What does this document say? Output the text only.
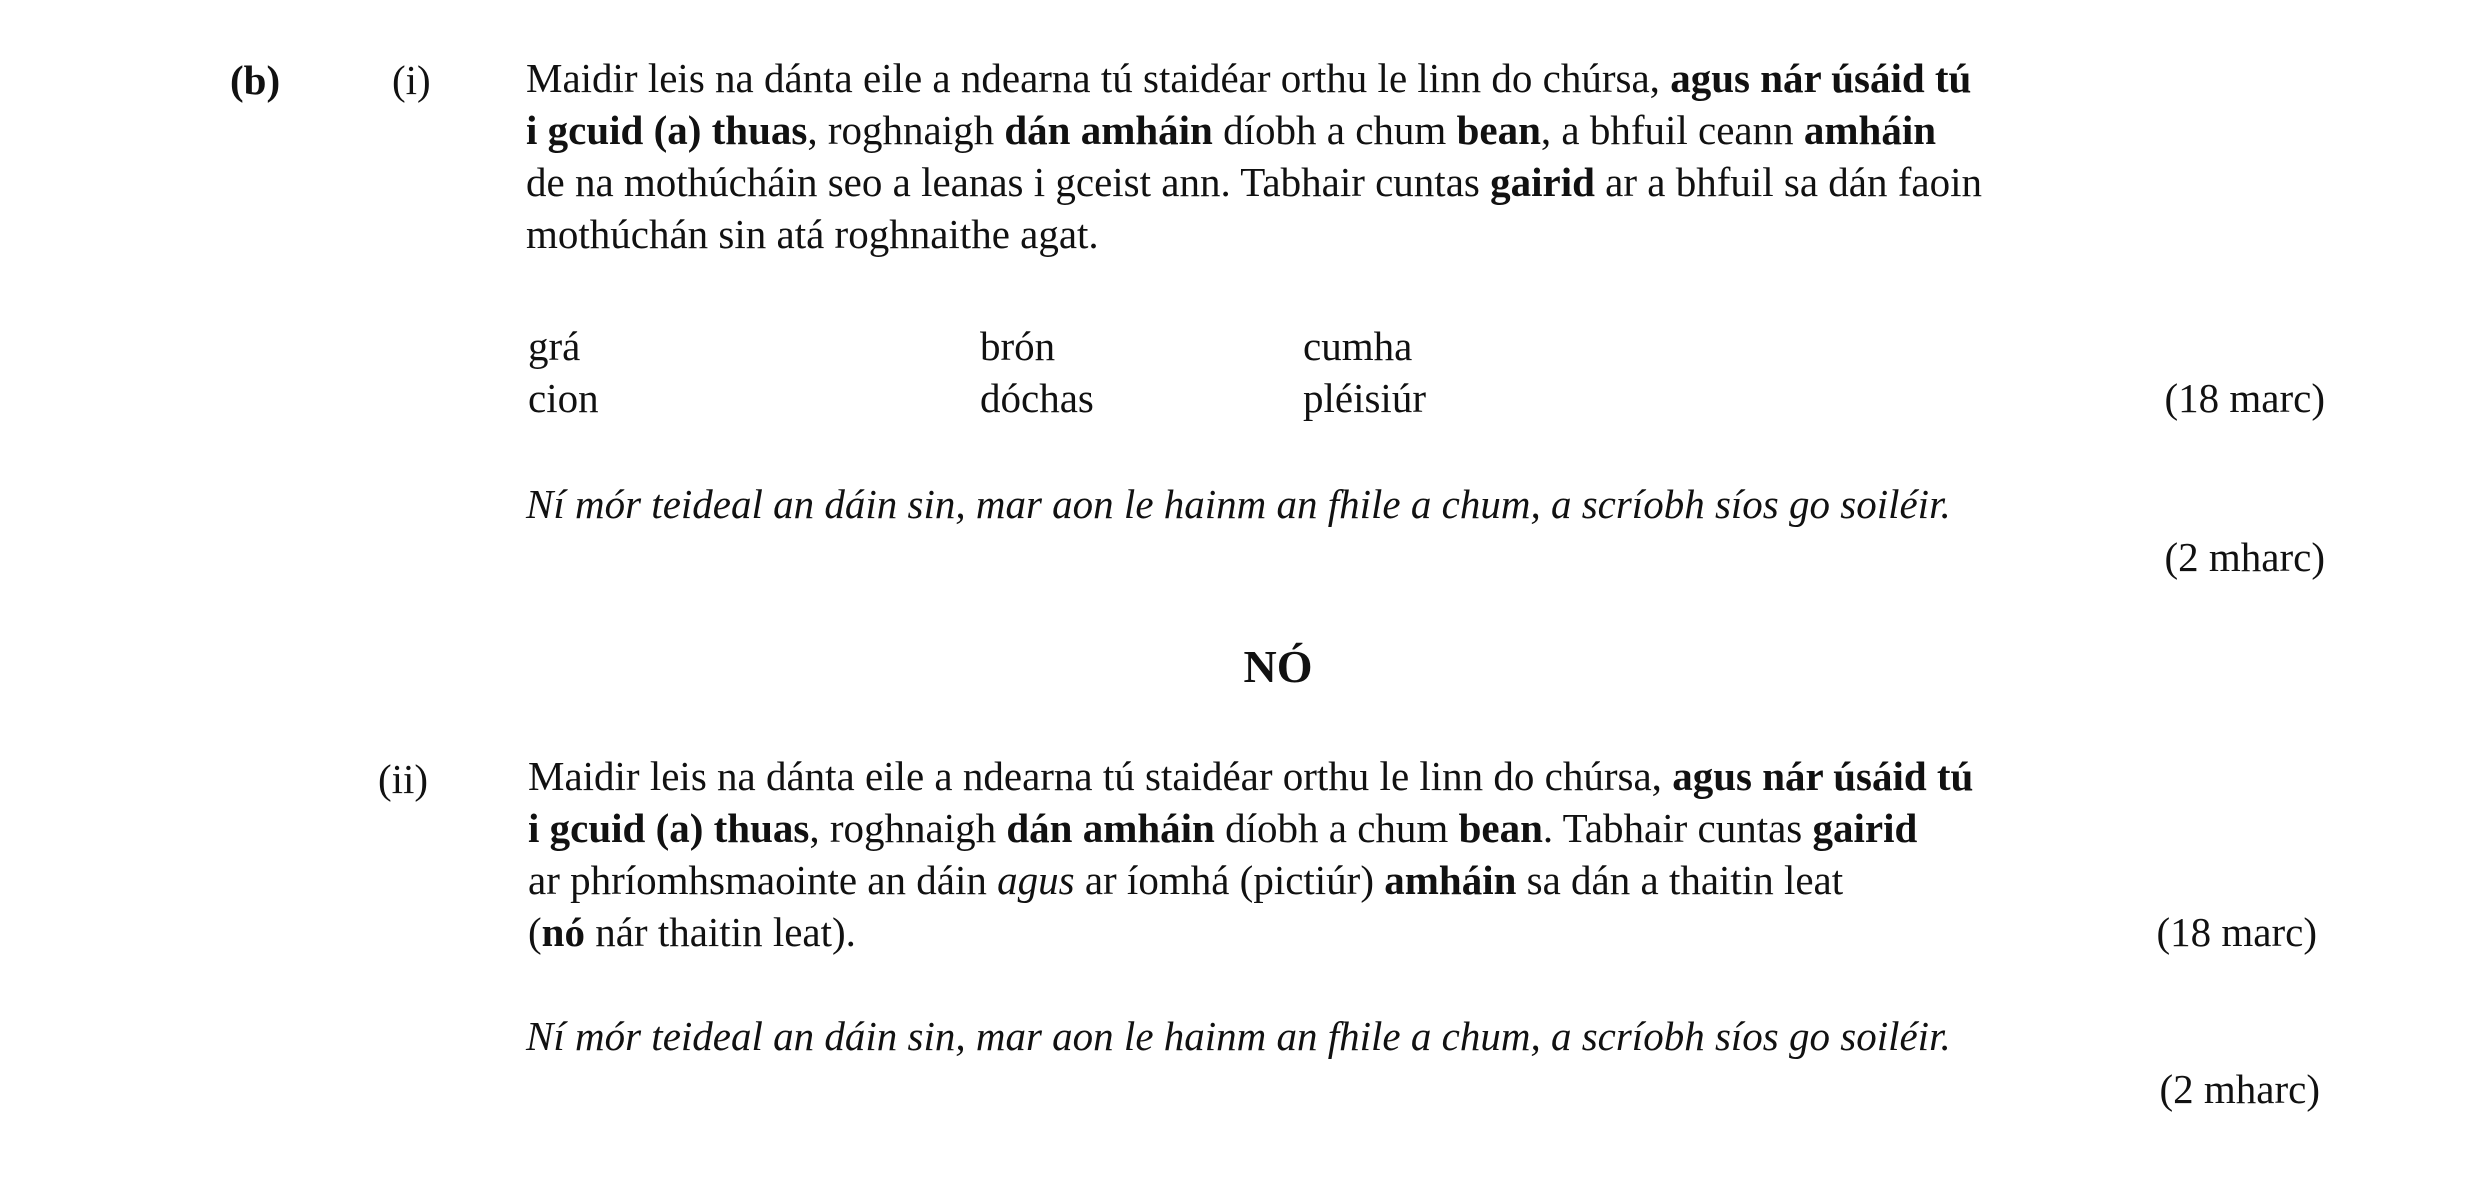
(b)	(i) Maidir leis na dánta eile a ndearna tú staidéar orthu le linn do chúrsa, agus nár úsáid tú
i gcuid (a) thuas, roghnaigh dán amháin díobh a chum bean, a bhfuil ceann amháin
de na mothúcháin seo a leanas i gceist ann. Tabhair cuntas gairid ar a bhfuil sa dán faoin
mothúchán sin atá roghnaithe agat.
grá	brón	cumha
cion	dóchas	pléisiúr	(18 marc)
Ní mór teideal an dáin sin, mar aon le hainm an fhile a chum, a scríobh síos go soiléir.
(2 mharc)
NÓ
(ii) Maidir leis na dánta eile a ndearna tú staidéar orthu le linn do chúrsa, agus nár úsáid tú
i gcuid (a) thuas, roghnaigh dán amháin díobh a chum bean. Tabhair cuntas gairid
ar phríomhsmaointe an dáin agus ar íomhá (pictiúr) amháin sa dán a thaitin leat
(nó nár thaitin leat).	(18 marc)
Ní mór teideal an dáin sin, mar aon le hainm an fhile a chum, a scríobh síos go soiléir.
(2 mharc)
